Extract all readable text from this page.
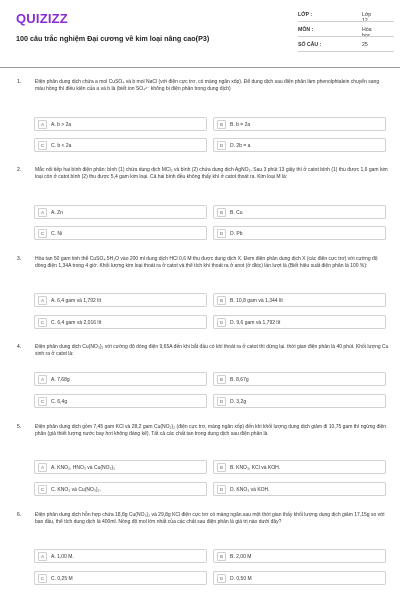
QUIZIZZ
100 câu trắc nghiệm Đại cương về kim loại nâng cao(P3)
LỚP :	Lớp 12
MÔN :	Hóa học
SỐ CÂU :	25
1.	Điện phân dung dịch chứa a mol CuSO₄ và b mol NaCl (với điện cực trơ, có màng ngăn xốp). Để dung dịch sau điện phân làm phenolphtalein chuyển sang màu hồng thì điều kiện của a và b là (biết ion SO₄²⁻ không bị điện phân trong dung dịch)
A	A. b > 2a	B	B. b = 2a
C	C. b < 2a	D	D. 2b = a
2.	Mắc nối tiếp hai bình điện phân: bình (1) chứa dung dịch MCl₂ và bình (2) chứa dung dịch AgNO₃. Sau 3 phút 13 giây thì ở catot bình (1) thu được 1,6 gam kim loại còn ở catot bình (2) thu được 5,4 gam kim loại. Cả hai bình đều không thấy khí ở catot thoát ra. Kim loại M là:
A	A. Zn	B	B. Cu
C	C. Ni	D	D. Pb
3.	Hòa tan 50 gam tinh thể CuSO₄.5H₂O vào 200 ml dung dịch HCl 0,6 M thu được dung dịch X. Đem điện phân dung dịch X (các điện cực trơ) với cường độ dòng điện 1,34A trong 4 giờ. Khối lượng kim loại thoát ra ở catot và thể tích khí thoát ra ở anot (ở đktc) lần lượt là (Biết hiệu suất điện phân là 100 %):
A	A. 6,4 gam và 1,792 lít	B	B. 10,8 gam và 1,344 lít
C	C. 6,4 gam và 2,016 lít	D	D. 9,6 gam và 1,792 lít
4.	Điện phân dung dịch Cu(NO₃)₂ với cường độ dòng điện 9,65A đến khi bắt đầu có khí thoát ra ở catot thì dừng lại. thời gian điện phân là 40 phút. Khối lượng Cu sinh ra ở catot là:
A	A. 7,68g	B	B. 8,67g
C	C. 6,4g	D	D. 3,2g
5.	Điện phân dung dịch gồm 7,45 gam KCl và 28,2 gam Cu(NO₃)₂ (điện cực trơ, màng ngăn xốp) đến khi khối lượng dung dịch giảm đi 10,75 gam thì ngừng điện phân (giả thiết lượng nước bay hơi không đáng kể). Tất cả các chất tan trong dung dịch sau điện phân là
A	A. KNO₃, HNO₃ và Cu(NO₃)₂	B	B. KNO₃, KCl và KOH.
C	C. KNO₃ và Cu(NO₃)₂.	D	D. KNO₃ và KOH.
6.	Điện phân dung dịch hỗn hợp chứa 18,8g Cu(NO₃)₂ và 29,8g KCl điện cực trơ có màng ngăn.sau một thời gian thấy khối lượng dung dịch giảm 17,15g so với ban đầu, thể tích dung dịch là 400ml. Nồng độ mol lớn nhất của các chất sau điện phân là giá trị nào dưới đây?
A	A. 1,00 M.	B	B. 2,00 M
C	C. 0,25 M	D	D. 0,50 M
